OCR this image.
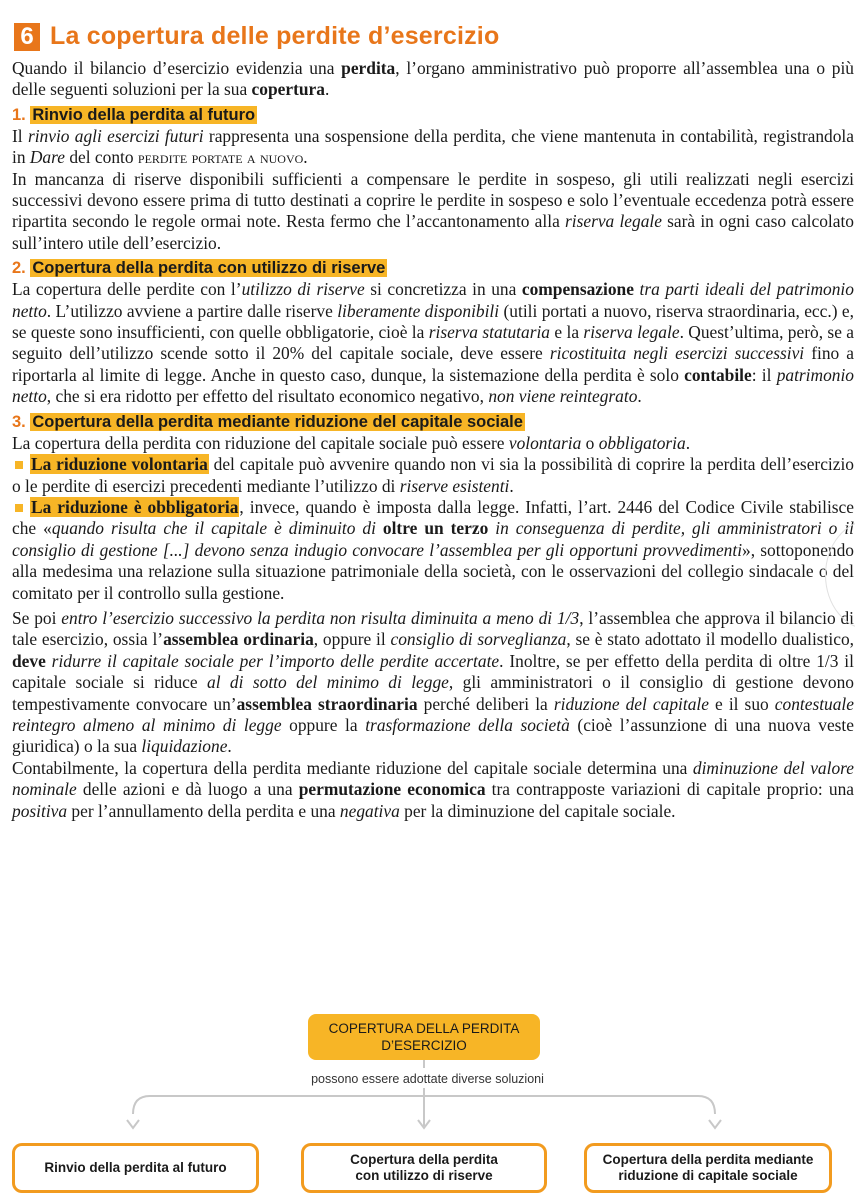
6 La copertura delle perdite d’esercizio

Quando il bilancio d’esercizio evidenzia una perdita, l’organo amministrativo può proporre all’assemblea una o più delle seguenti soluzioni per la sua copertura.

1. Rinvio della perdita al futuro

Il rinvio agli esercizi futuri rappresenta una sospensione della perdita, che viene mantenuta in contabilità, registrandola in Dare del conto perdite portate a nuovo.

In mancanza di riserve disponibili sufficienti a compensare le perdite in sospeso, gli utili realizzati negli esercizi successivi devono essere prima di tutto destinati a coprire le perdite in sospeso e solo l’eventuale eccedenza potrà essere ripartita secondo le regole ormai note. Resta fermo che l’accantonamento alla riserva legale sarà in ogni caso calcolato sull’intero utile dell’esercizio.

2. Copertura della perdita con utilizzo di riserve

La copertura delle perdite con l’utilizzo di riserve si concretizza in una compensazione tra parti ideali del patrimonio netto. L’utilizzo avviene a partire dalle riserve liberamente disponibili (utili portati a nuovo, riserva straordinaria, ecc.) e, se queste sono insufficienti, con quelle obbligatorie, cioè la riserva statutaria e la riserva legale. Quest’ultima, però, se a seguito dell’utilizzo scende sotto il 20% del capitale sociale, deve essere ricostituita negli esercizi successivi fino a riportarla al limite di legge. Anche in questo caso, dunque, la sistemazione della perdita è solo contabile: il patrimonio netto, che si era ridotto per effetto del risultato economico negativo, non viene reintegrato.

3. Copertura della perdita mediante riduzione del capitale sociale

La copertura della perdita con riduzione del capitale sociale può essere volontaria o obbligatoria.

La riduzione volontaria del capitale può avvenire quando non vi sia la possibilità di coprire la perdita dell’esercizio o le perdite di esercizi precedenti mediante l’utilizzo di riserve esistenti.

La riduzione è obbligatoria, invece, quando è imposta dalla legge. Infatti, l’art. 2446 del Codice Civile stabilisce che «quando risulta che il capitale è diminuito di oltre un terzo in conseguenza di perdite, gli amministratori o il consiglio di gestione [...] devono senza indugio convocare l’assemblea per gli opportuni provvedimenti», sottoponendo alla medesima una relazione sulla situazione patrimoniale della società, con le osservazioni del collegio sindacale o del comitato per il controllo sulla gestione.

Se poi entro l’esercizio successivo la perdita non risulta diminuita a meno di 1/3, l’assemblea che approva il bilancio di tale esercizio, ossia l’assemblea ordinaria, oppure il consiglio di sorveglianza, se è stato adottato il modello dualistico, deve ridurre il capitale sociale per l’importo delle perdite accertate. Inoltre, se per effetto della perdita di oltre 1/3 il capitale sociale si riduce al di sotto del minimo di legge, gli amministratori o il consiglio di gestione devono tempestivamente convocare un’assemblea straordinaria perché deliberi la riduzione del capitale e il suo contestuale reintegro almeno al minimo di legge oppure la trasformazione della società (cioè l’assunzione di una nuova veste giuridica) o la sua liquidazione.

Contabilmente, la copertura della perdita mediante riduzione del capitale sociale determina una diminuzione del valore nominale delle azioni e dà luogo a una permutazione economica tra contrapposte variazioni di capitale proprio: una positiva per l’annullamento della perdita e una negativa per la diminuzione del capitale sociale.

COPERTURA DELLA PERDITA
D’ESERCIZIO
possono essere adottate diverse soluzioni
Rinvio della perdita al futuro
Copertura della perdita
con utilizzo di riserve
Copertura della perdita mediante
riduzione di capitale sociale
